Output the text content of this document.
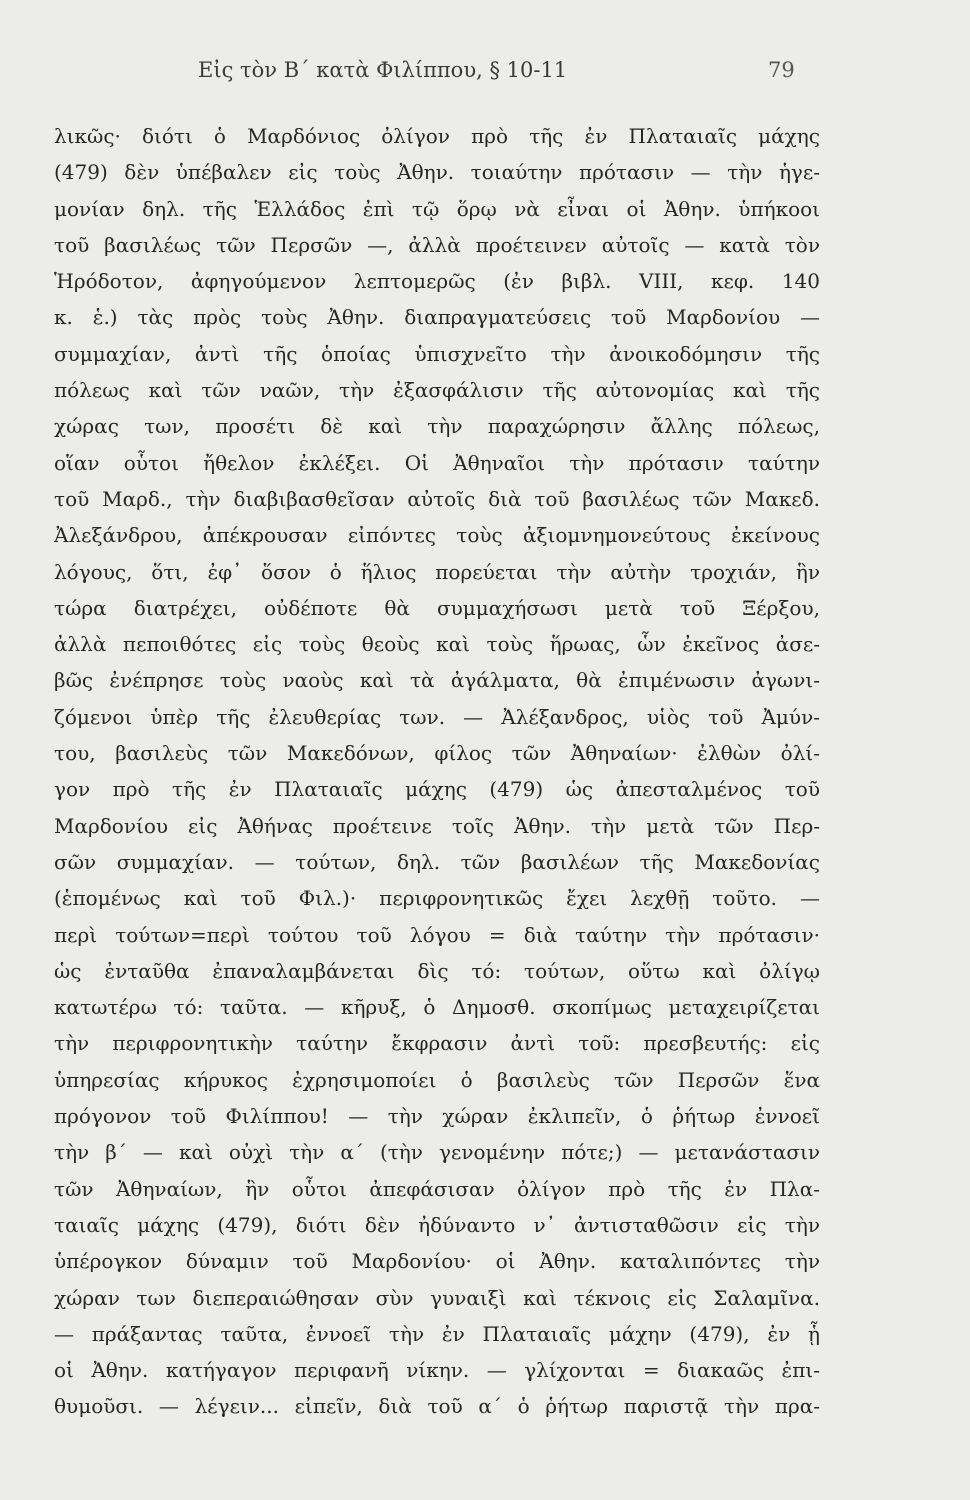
Εἰς τὸν Β΄ κατὰ Φιλίππου, § 10-11	79
λικῶς· διότι ὁ Μαρδόνιος ὀλίγον πρὸ τῆς ἐν Πλαταιαῖς μάχης
(479) δὲν ὑπέβαλεν εἰς τοὺς Ἀθην. τοιαύτην πρότασιν — τὴν ἡγε-
μονίαν δηλ. τῆς Ἑλλάδος ἐπὶ τῷ ὅρῳ νὰ εἶναι οἱ Ἀθην. ὑπήκοοι
τοῦ βασιλέως τῶν Περσῶν —, ἀλλὰ προέτεινεν αὐτοῖς — κατὰ τὸν
Ἡρόδοτον, ἀφηγούμενον λεπτομερῶς (ἐν βιβλ. VIII, κεφ. 140
κ. ἑ.) τὰς πρὸς τοὺς Ἀθην. διαπραγματεύσεις τοῦ Μαρδονίου —
συμμαχίαν, ἀντὶ τῆς ὁποίας ὑπισχνεῖτο τὴν ἀνοικοδόμησιν τῆς
πόλεως καὶ τῶν ναῶν, τὴν ἐξασφάλισιν τῆς αὐτονομίας καὶ τῆς
χώρας των, προσέτι δὲ καὶ τὴν παραχώρησιν ἄλλης πόλεως,
οἵαν οὗτοι ἤθελον ἐκλέξει. Οἱ Ἀθηναῖοι τὴν πρότασιν ταύτην
τοῦ Μαρδ., τὴν διαβιβασθεῖσαν αὐτοῖς διὰ τοῦ βασιλέως τῶν Μακεδ.
Ἀλεξάνδρου, ἀπέκρουσαν εἰπόντες τοὺς ἀξιομνημονεύτους ἐκείνους
λόγους, ὅτι, ἐφ᾽ ὅσον ὁ ἥλιος πορεύεται τὴν αὐτὴν τροχιάν, ἣν
τώρα διατρέχει, οὐδέποτε θὰ συμμαχήσωσι μετὰ τοῦ Ξέρξου,
ἀλλὰ πεποιθότες εἰς τοὺς θεοὺς καὶ τοὺς ἥρωας, ὧν ἐκεῖνος ἀσε-
βῶς ἐνέπρησε τοὺς ναοὺς καὶ τὰ ἀγάλματα, θὰ ἐπιμένωσιν ἀγωνι-
ζόμενοι ὑπὲρ τῆς ἐλευθερίας των. — Ἀλέξανδρος, υἱὸς τοῦ Ἀμύν-
του, βασιλεὺς τῶν Μακεδόνων, φίλος τῶν Ἀθηναίων· ἐλθὼν ὀλί-
γον πρὸ τῆς ἐν Πλαταιαῖς μάχης (479) ὡς ἀπεσταλμένος τοῦ
Μαρδονίου εἰς Ἀθήνας προέτεινε τοῖς Ἀθην. τὴν μετὰ τῶν Περ-
σῶν συμμαχίαν. — τούτων, δηλ. τῶν βασιλέων τῆς Μακεδονίας
(ἑπομένως καὶ τοῦ Φιλ.)· περιφρονητικῶς ἔχει λεχθῇ τοῦτο. —
περὶ τούτων=περὶ τούτου τοῦ λόγου = διὰ ταύτην τὴν πρότασιν·
ὡς ἐνταῦθα ἐπαναλαμβάνεται δὶς τό: τούτων, οὕτω καὶ ὀλίγῳ
κατωτέρω τό: ταῦτα. — κῆρυξ, ὁ Δημοσθ. σκοπίμως μεταχειρίζεται
τὴν περιφρονητικὴν ταύτην ἔκφρασιν ἀντὶ τοῦ: πρεσβευτής: εἰς
ὑπηρεσίας κήρυκος ἐχρησιμοποίει ὁ βασιλεὺς τῶν Περσῶν ἕνα
πρόγονον τοῦ Φιλίππου! — τὴν χώραν ἐκλιπεῖν, ὁ ῥήτωρ ἐννοεῖ
τὴν β΄ — καὶ οὐχὶ τὴν α΄ (τὴν γενομένην πότε;) — μετανάστασιν
τῶν Ἀθηναίων, ἣν οὗτοι ἀπεφάσισαν ὀλίγον πρὸ τῆς ἐν Πλα-
ταιαῖς μάχης (479), διότι δὲν ἠδύναντο ν᾽ ἀντισταθῶσιν εἰς τὴν
ὑπέρογκον δύναμιν τοῦ Μαρδονίου· οἱ Ἀθην. καταλιπόντες τὴν
χώραν των διεπεραιώθησαν σὺν γυναιξὶ καὶ τέκνοις εἰς Σαλαμῖνα.
— πράξαντας ταῦτα, ἐννοεῖ τὴν ἐν Πλαταιαῖς μάχην (479), ἐν ᾗ
οἱ Ἀθην. κατήγαγον περιφανῆ νίκην. — γλίχονται = διακαῶς ἐπι-
θυμοῦσι. — λέγειν... εἰπεῖν, διὰ τοῦ α΄ ὁ ῥήτωρ παριστᾷ τὴν πρα-
